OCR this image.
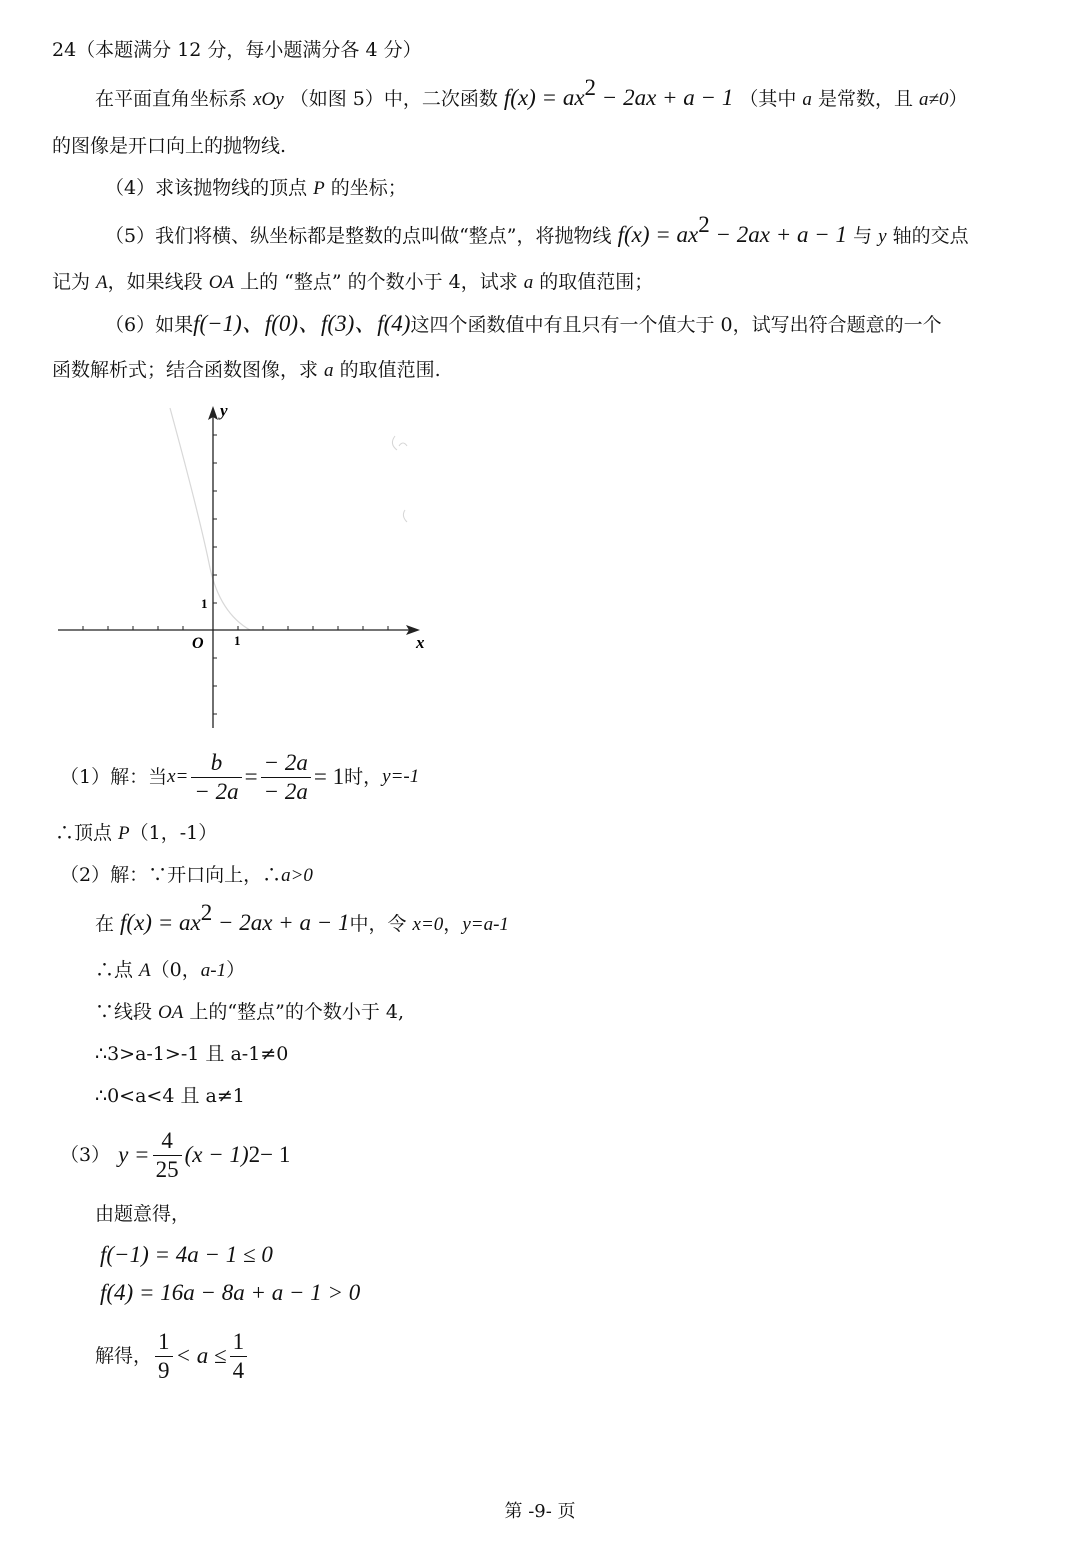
24（本题满分 12 分，每小题满分各 4 分）
在平面直角坐标系 xOy （如图 5）中，二次函数 $f(x) = ax^2 - 2ax + a - 1$ （其中 a 是常数，且 a≠0）
的图像是开口向上的抛物线.
（4）求该抛物线的顶点 P 的坐标；
（5）我们将横、纵坐标都是整数的点叫做“整点”，将抛物线 $f(x) = ax^2 - 2ax + a - 1$ 与 y 轴的交点
记为 A，如果线段 OA 上的 “整点” 的个数小于 4，试求 a 的取值范围；
（6）如果f(−1)、f(0)、f(3)、f(4)这四个函数值中有且只有一个值大于 0，试写出符合题意的一个
函数解析式；结合函数图像，求 a 的取值范围.
x
y
O 1
1
（1）解：当 $x= \frac{b}{- 2a} = \frac{- 2a}{- 2a} = 1$ 时， y=-1
∴顶点 P（1，-1）
（2）解：∵开口向上，∴a>0
在 $f(x) = ax^2 - 2ax + a - 1$中，令 x=0，y=a-1
∴点 A（0，a-1）
∵线段 OA 上的“整点”的个数小于 4,
∴3>a-1>-1 且 a-1≠0
∴0<a<4 且 a≠1
（3） $y = \frac{4}{25} (x - 1) 2 - 1$
由题意得，
f(−1) = 4a − 1 ≤ 0
f(4) = 16a − 8a + a − 1 > 0
解得， $\frac{1}{9} < a \le \frac{1}{4}$
第 -9- 页
